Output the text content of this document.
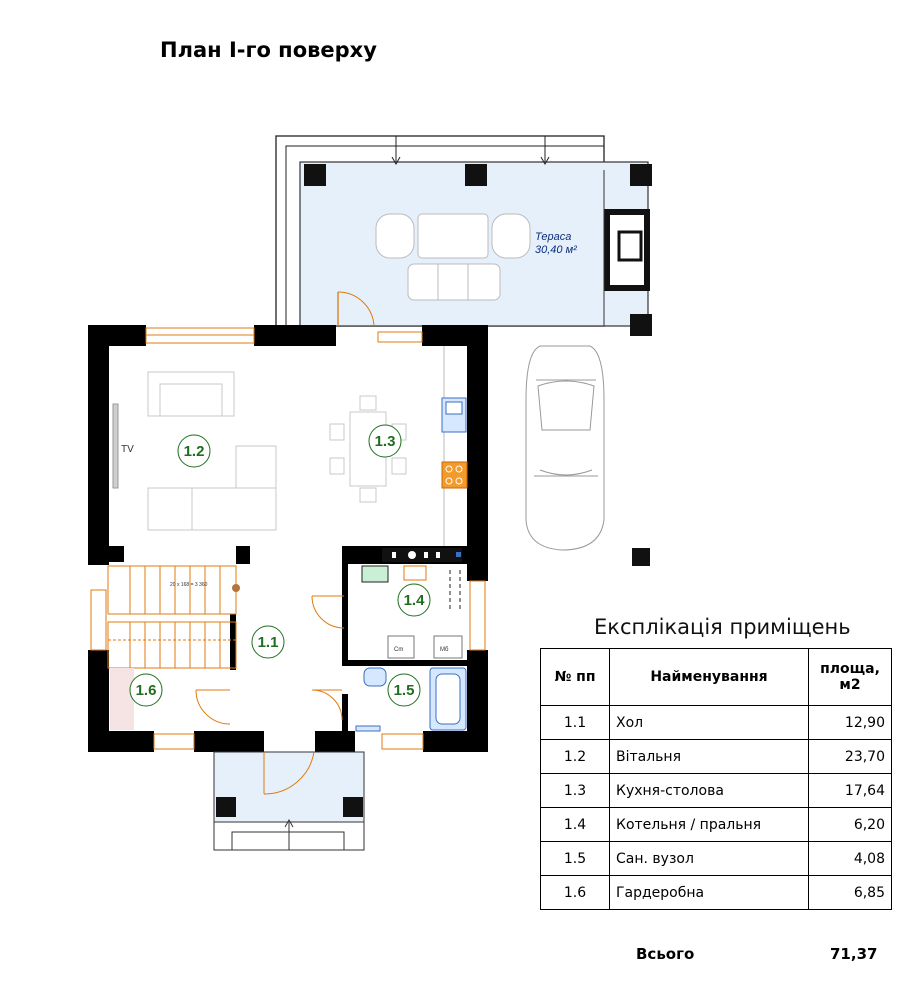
План I-го поверху
Тераса
30,40 м²
TV
20 x 168 = 3 360
Cm	Мб
1.2
1.3
1.1
1.4
1.5
1.6
Експлікація приміщень
№ пп	Найменування	площа, м2
1.1	Хол	12,90
1.2	Вітальня	23,70
1.3	Кухня-столова	17,64
1.4	Котельня / пральня	6,20
1.5	Сан. вузол	4,08
1.6	Гардеробна	6,85
Всього	71,37
